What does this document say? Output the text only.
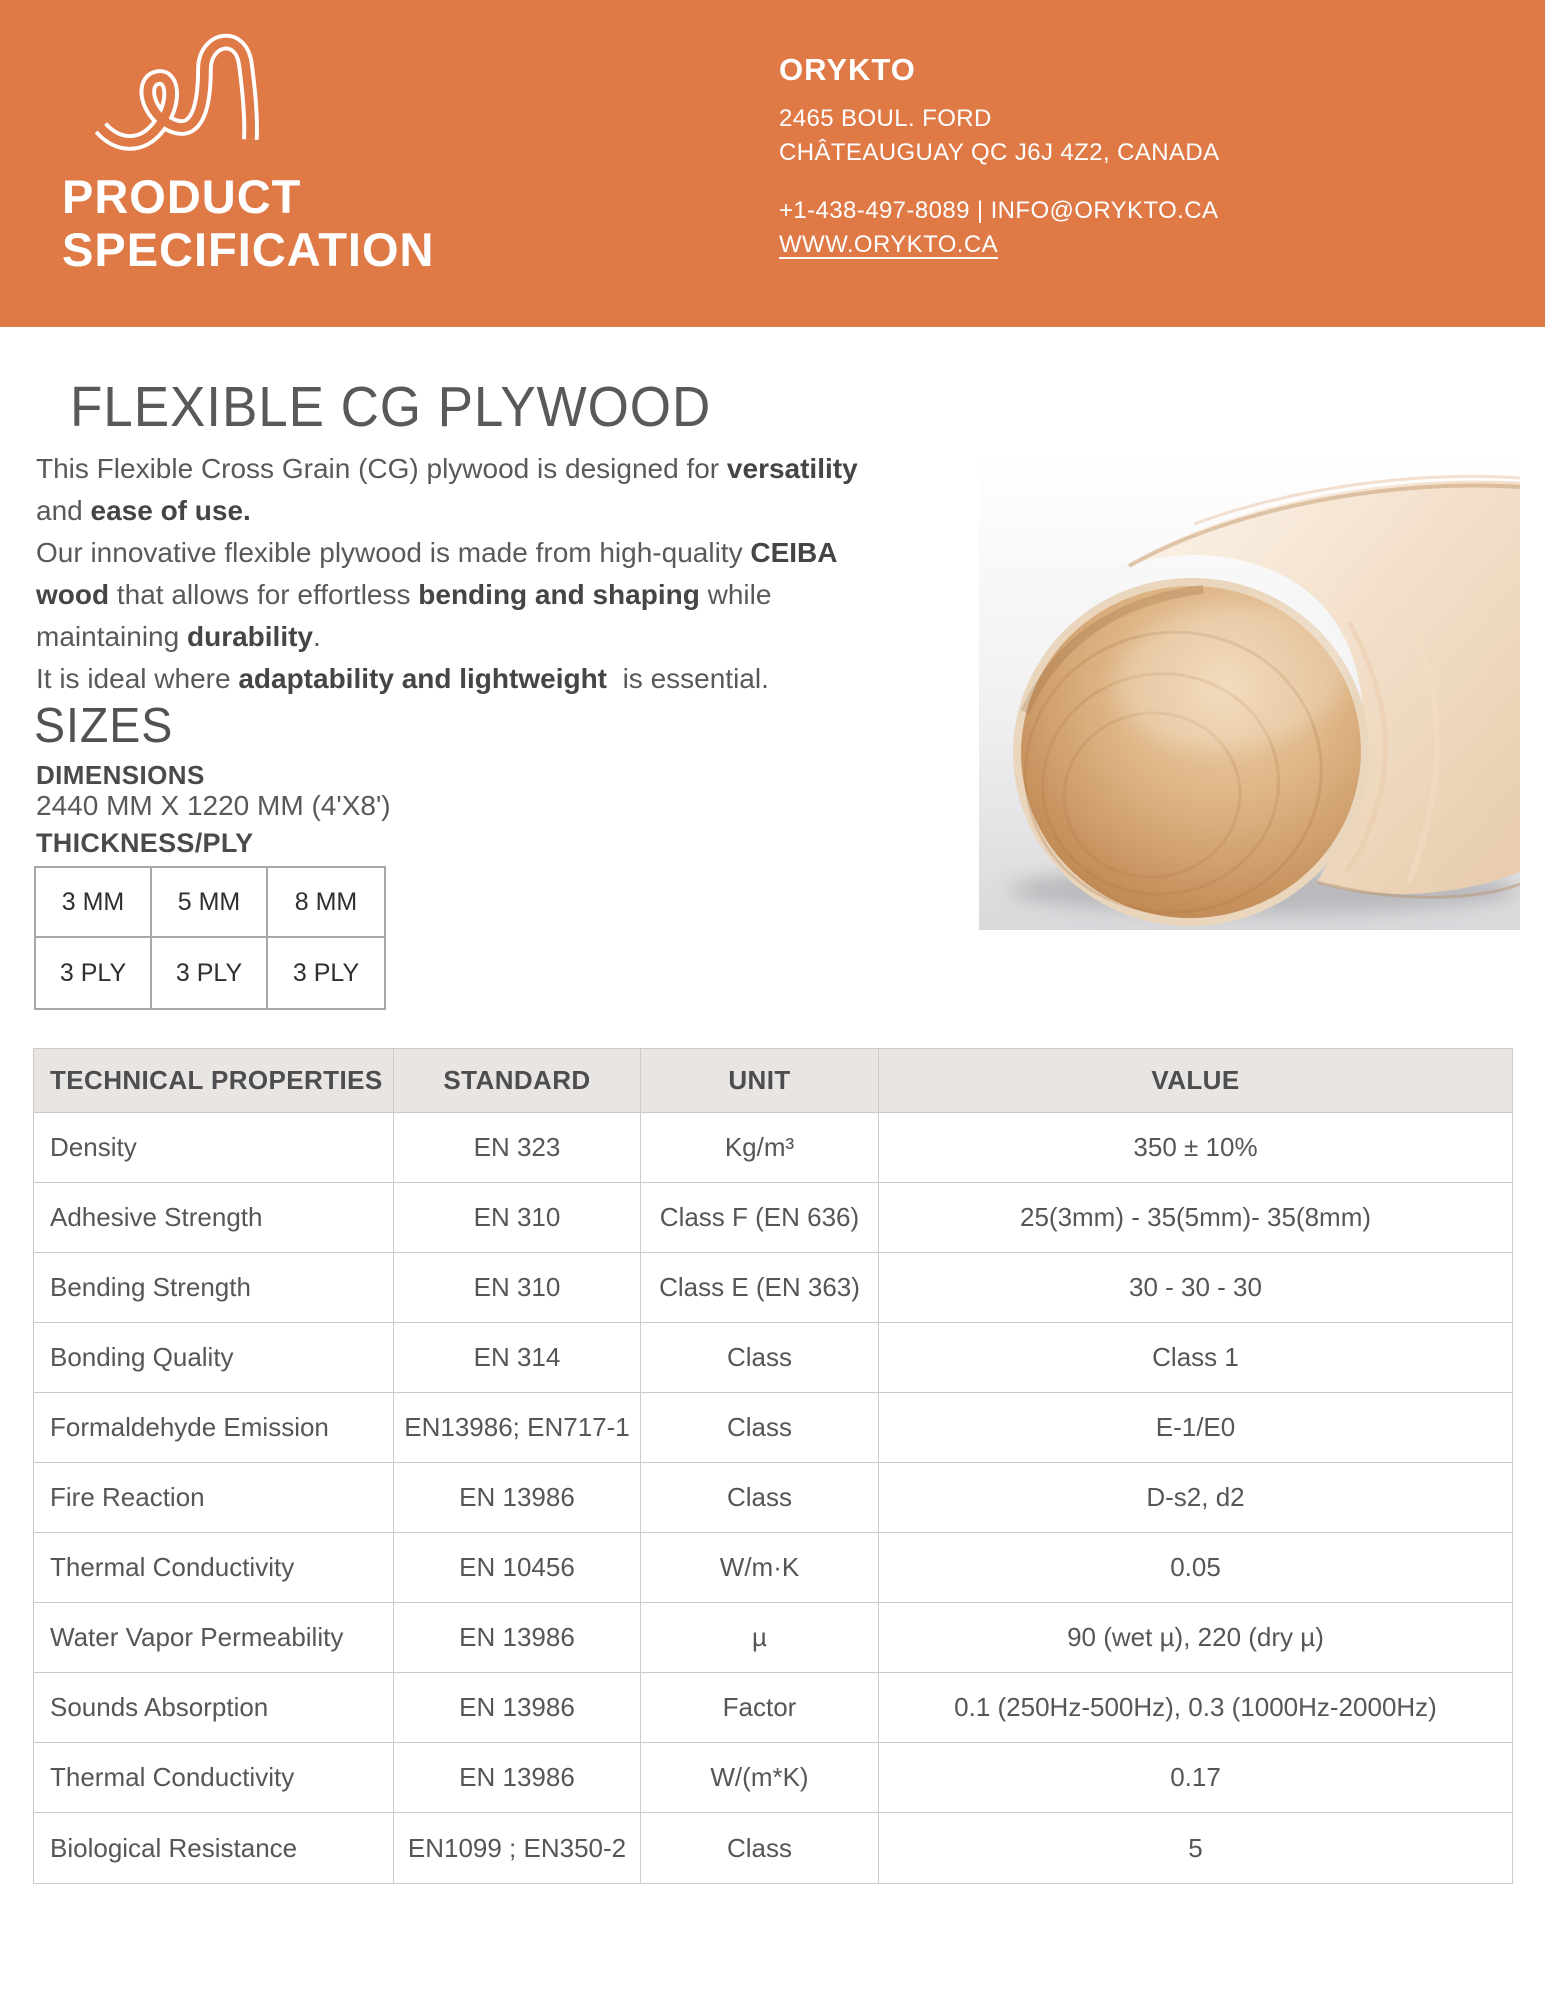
PRODUCT
SPECIFICATION
ORYKTO
2465 BOUL. FORD
CHÂTEAUGUAY QC J6J 4Z2, CANADA
+1-438-497-8089 | INFO@ORYKTO.CA
WWW.ORYKTO.CA
FLEXIBLE CG PLYWOOD
This Flexible Cross Grain (CG) plywood is designed for versatility
and ease of use.
Our innovative flexible plywood is made from high-quality CEIBA
wood that allows for effortless bending and shaping while
maintaining durability.
It is ideal where adaptability and lightweight  is essential.
SIZES
DIMENSIONS
2440 MM X 1220 MM (4'X8')
THICKNESS/PLY
3 MM	5 MM	8 MM
3 PLY	3 PLY	3 PLY
TECHNICAL PROPERTIES	STANDARD	UNIT	VALUE
Density	EN 323	Kg/m³	350 ± 10%
Adhesive Strength	EN 310	Class F (EN 636)	25(3mm) - 35(5mm)- 35(8mm)
Bending Strength	EN 310	Class E (EN 363)	30 - 30 - 30
Bonding Quality	EN 314	Class	Class 1
Formaldehyde Emission	EN13986; EN717-1	Class	E-1/E0
Fire Reaction	EN 13986	Class	D-s2, d2
Thermal Conductivity	EN 10456	W/m·K	0.05
Water Vapor Permeability	EN 13986	µ	90 (wet µ), 220 (dry µ)
Sounds Absorption	EN 13986	Factor	0.1 (250Hz-500Hz), 0.3 (1000Hz-2000Hz)
Thermal Conductivity	EN 13986	W/(m*K)	0.17
Biological Resistance	EN1099 ; EN350-2	Class	5
